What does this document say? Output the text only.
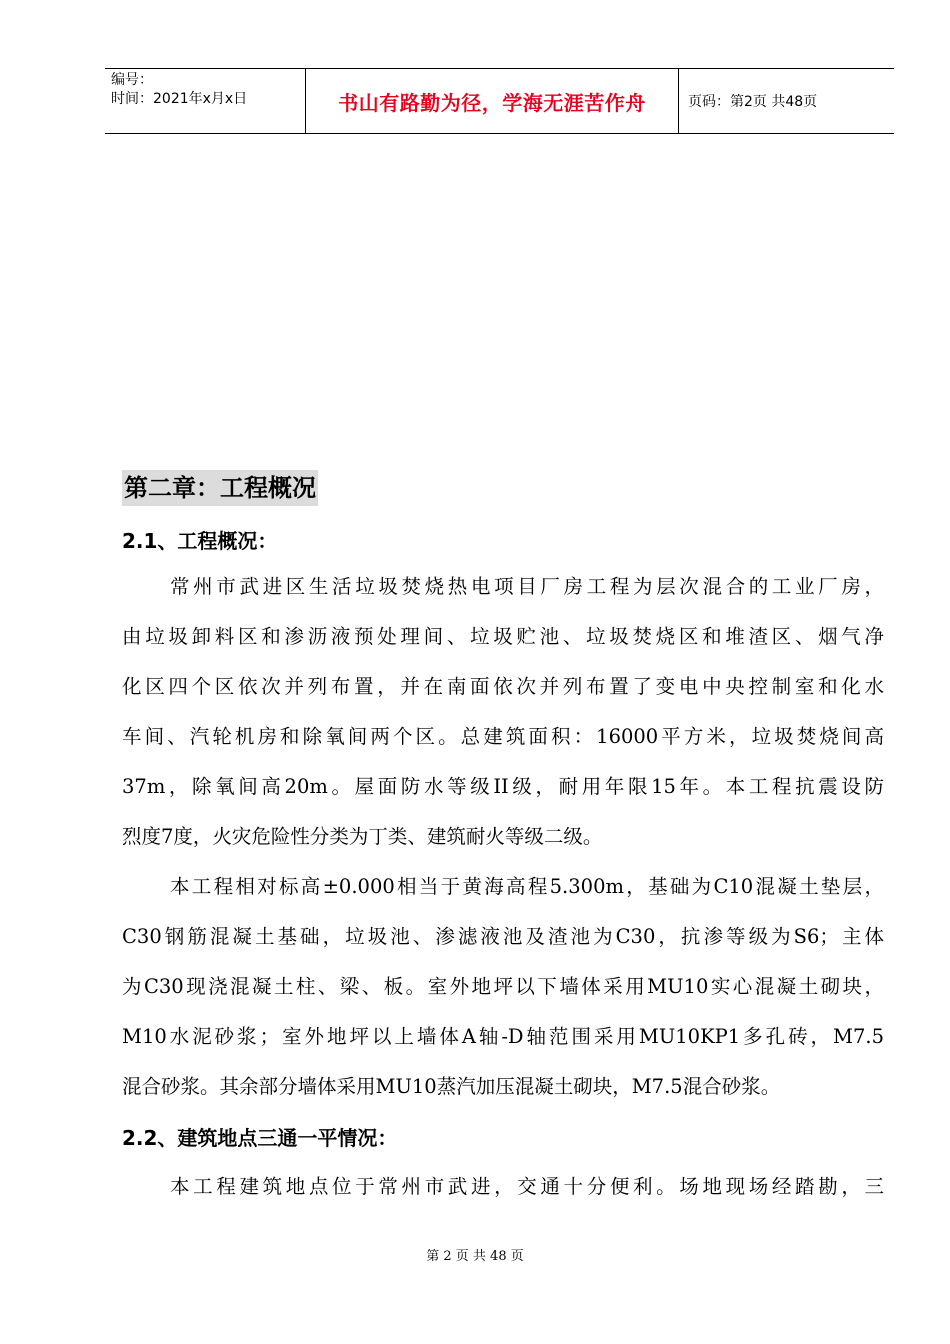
编号：
时间：2021年x月x日	书山有路勤为径，学海无涯苦作舟	页码：第2页 共48页
第二章：工程概况
2.1、工程概况：
常州市武进区生活垃圾焚烧热电项目厂房工程为层次混合的工业厂房，
由垃圾卸料区和渗沥液预处理间、垃圾贮池、垃圾焚烧区和堆渣区、烟气净
化区四个区依次并列布置，并在南面依次并列布置了变电中央控制室和化水
车间、汽轮机房和除氧间两个区。总建筑面积：16000平方米，垃圾焚烧间高
37m，除氧间高20m。屋面防水等级II级，耐用年限15年。本工程抗震设防
烈度7度，火灾危险性分类为丁类、建筑耐火等级二级。
本工程相对标高±0.000相当于黄海高程5.300m，基础为C10混凝土垫层，
C30钢筋混凝土基础，垃圾池、渗滤液池及渣池为C30，抗渗等级为S6；主体
为C30现浇混凝土柱、梁、板。室外地坪以下墙体采用MU10实心混凝土砌块，
M10水泥砂浆；室外地坪以上墙体A轴-D轴范围采用MU10KP1多孔砖，M7.5
混合砂浆。其余部分墙体采用MU10蒸汽加压混凝土砌块，M7.5混合砂浆。
2.2、建筑地点三通一平情况：
本工程建筑地点位于常州市武进，交通十分便利。场地现场经踏勘，三
第 2 页 共 48 页
